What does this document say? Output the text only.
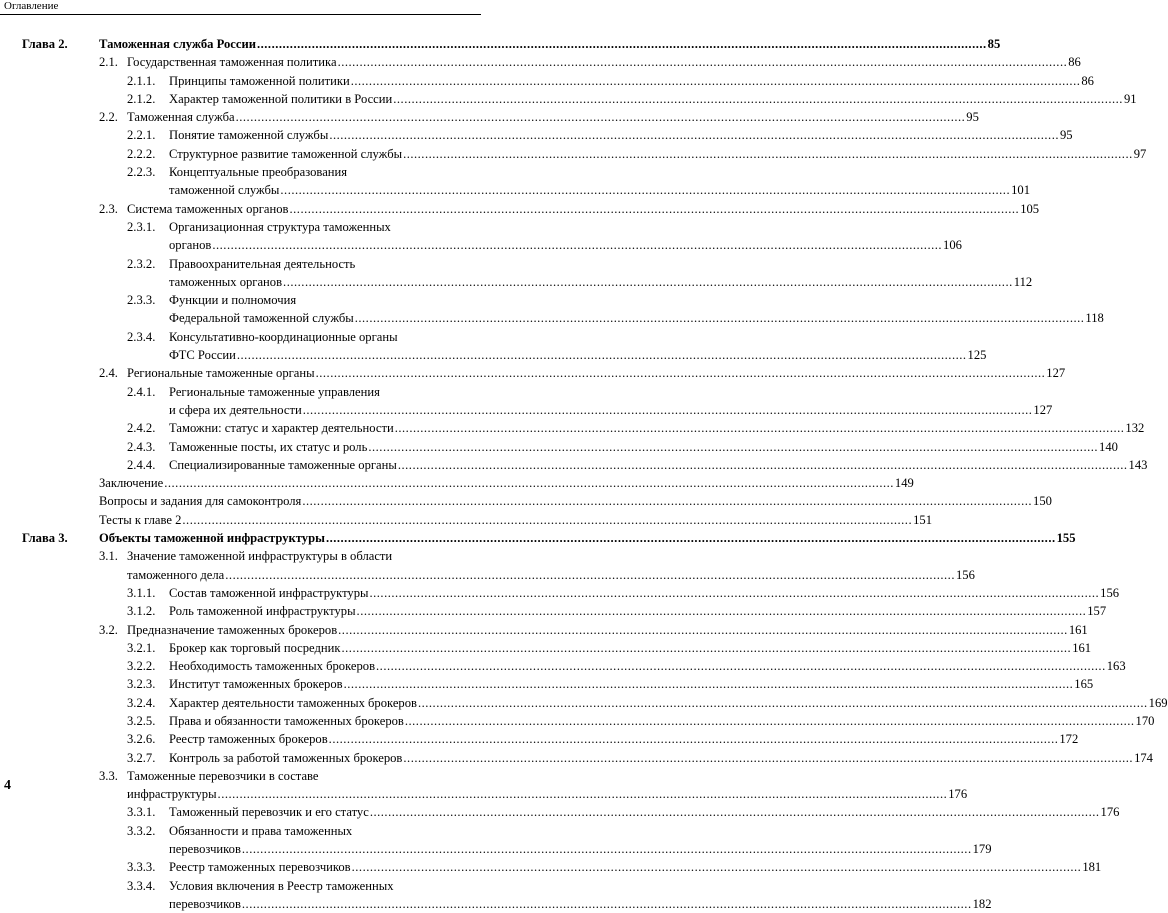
Оглавление
Глава 2. Таможенная служба России ........................................................................................................................................................................................................ 85
2.1. Государственная таможенная политика ........................................................................................................................................................................................................ 86
2.1.1. Принципы таможенной политики ........................................................................................................................................................................................................ 86
2.1.2. Характер таможенной политики в России ........................................................................................................................................................................................................ 91
2.2. Таможенная служба ........................................................................................................................................................................................................ 95
2.2.1. Понятие таможенной службы ........................................................................................................................................................................................................ 95
2.2.2. Структурное развитие таможенной службы ........................................................................................................................................................................................................ 97
2.2.3. Концептуальные преобразования
таможенной службы ........................................................................................................................................................................................................ 101
2.3. Система таможенных органов ........................................................................................................................................................................................................ 105
2.3.1. Организационная структура таможенных
органов ........................................................................................................................................................................................................ 106
2.3.2. Правоохранительная деятельность
таможенных органов ........................................................................................................................................................................................................ 112
2.3.3. Функции и полномочия
Федеральной таможенной службы ........................................................................................................................................................................................................ 118
2.3.4. Консультативно-координационные органы
ФТС России ........................................................................................................................................................................................................ 125
2.4. Региональные таможенные органы ........................................................................................................................................................................................................ 127
2.4.1. Региональные таможенные управления
и сфера их деятельности ........................................................................................................................................................................................................ 127
2.4.2. Таможни: статус и характер деятельности ........................................................................................................................................................................................................ 132
2.4.3. Таможенные посты, их статус и роль ........................................................................................................................................................................................................ 140
2.4.4. Специализированные таможенные органы ........................................................................................................................................................................................................ 143
Заключение ........................................................................................................................................................................................................ 149
Вопросы и задания для самоконтроля ........................................................................................................................................................................................................ 150
Тесты к главе 2 ........................................................................................................................................................................................................ 151
Глава 3. Объекты таможенной инфраструктуры ........................................................................................................................................................................................................ 155
3.1. Значение таможенной инфраструктуры в области
таможенного дела ........................................................................................................................................................................................................ 156
3.1.1. Состав таможенной инфраструктуры ........................................................................................................................................................................................................ 156
3.1.2. Роль таможенной инфраструктуры ........................................................................................................................................................................................................ 157
3.2. Предназначение таможенных брокеров ........................................................................................................................................................................................................ 161
3.2.1. Брокер как торговый посредник ........................................................................................................................................................................................................ 161
3.2.2. Необходимость таможенных брокеров ........................................................................................................................................................................................................ 163
3.2.3. Институт таможенных брокеров ........................................................................................................................................................................................................ 165
3.2.4. Характер деятельности таможенных брокеров ........................................................................................................................................................................................................ 169
3.2.5. Права и обязанности таможенных брокеров ........................................................................................................................................................................................................ 170
3.2.6. Реестр таможенных брокеров ........................................................................................................................................................................................................ 172
3.2.7. Контроль за работой таможенных брокеров ........................................................................................................................................................................................................ 174
3.3. Таможенные перевозчики в составе
инфраструктуры ........................................................................................................................................................................................................ 176
3.3.1. Таможенный перевозчик и его статус ........................................................................................................................................................................................................ 176
3.3.2. Обязанности и права таможенных
перевозчиков ........................................................................................................................................................................................................ 179
3.3.3. Реестр таможенных перевозчиков ........................................................................................................................................................................................................ 181
3.3.4. Условия включения в Реестр таможенных
перевозчиков ........................................................................................................................................................................................................ 182
4
